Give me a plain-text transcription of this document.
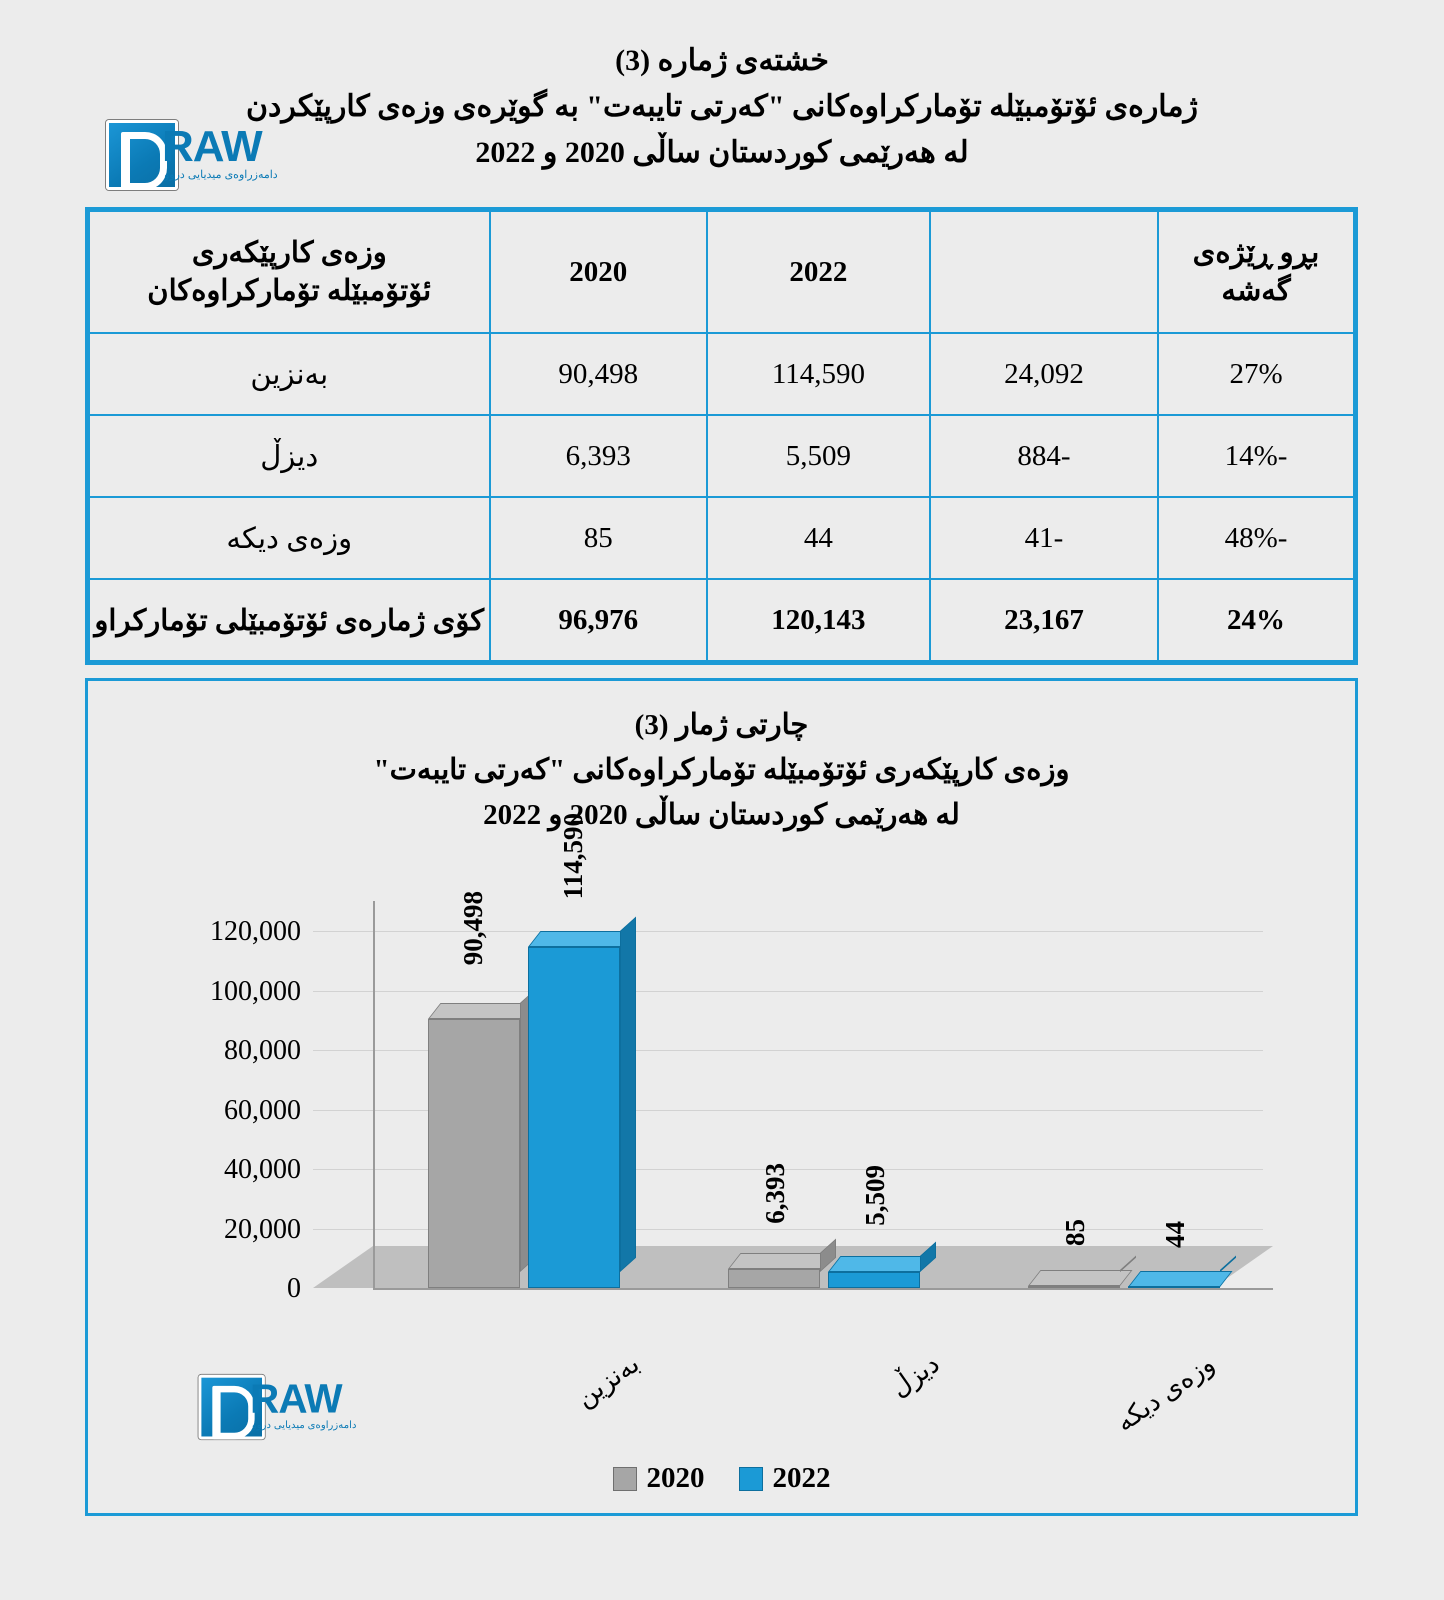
خشتەی ژمارە (3)
ژمارەی ئۆتۆمبێلە تۆمارکراوەکانی "کەرتی تایبەت" بە گوێرەی وزەی کارپێکردن
لە هەرێمی کوردستان ساڵی 2020 و 2022
RAW
دامەزراوەی میدیایی دروو
بڕو ڕێژەی گەشە		2022	2020	وزەی کارپێکەری
ئۆتۆمبێلە تۆمارکراوەکان

27%	24,092	114,590	90,498	بەنزین
-14%	-884	5,509	6,393	دیزڵ
-48%	-41	44	85	وزەی دیکە
24%	23,167	120,143	96,976	کۆی ژمارەی ئۆتۆمبێلی تۆمارکراو
RAW
دامەزراوەی میدیایی دروو
چارتی ژمار (3)
وزەی کارپێکەری ئۆتۆمبێلە تۆمارکراوەکانی "کەرتی تایبەت"
لە هەرێمی کوردستان ساڵی 2020 و 2022
120,000
100,000
80,000
60,000
40,000
20,000
0
90,498
114,590
6,393	5,509
85	44
بەنزین	دیزڵ	وزەی دیکە
2020 2022
